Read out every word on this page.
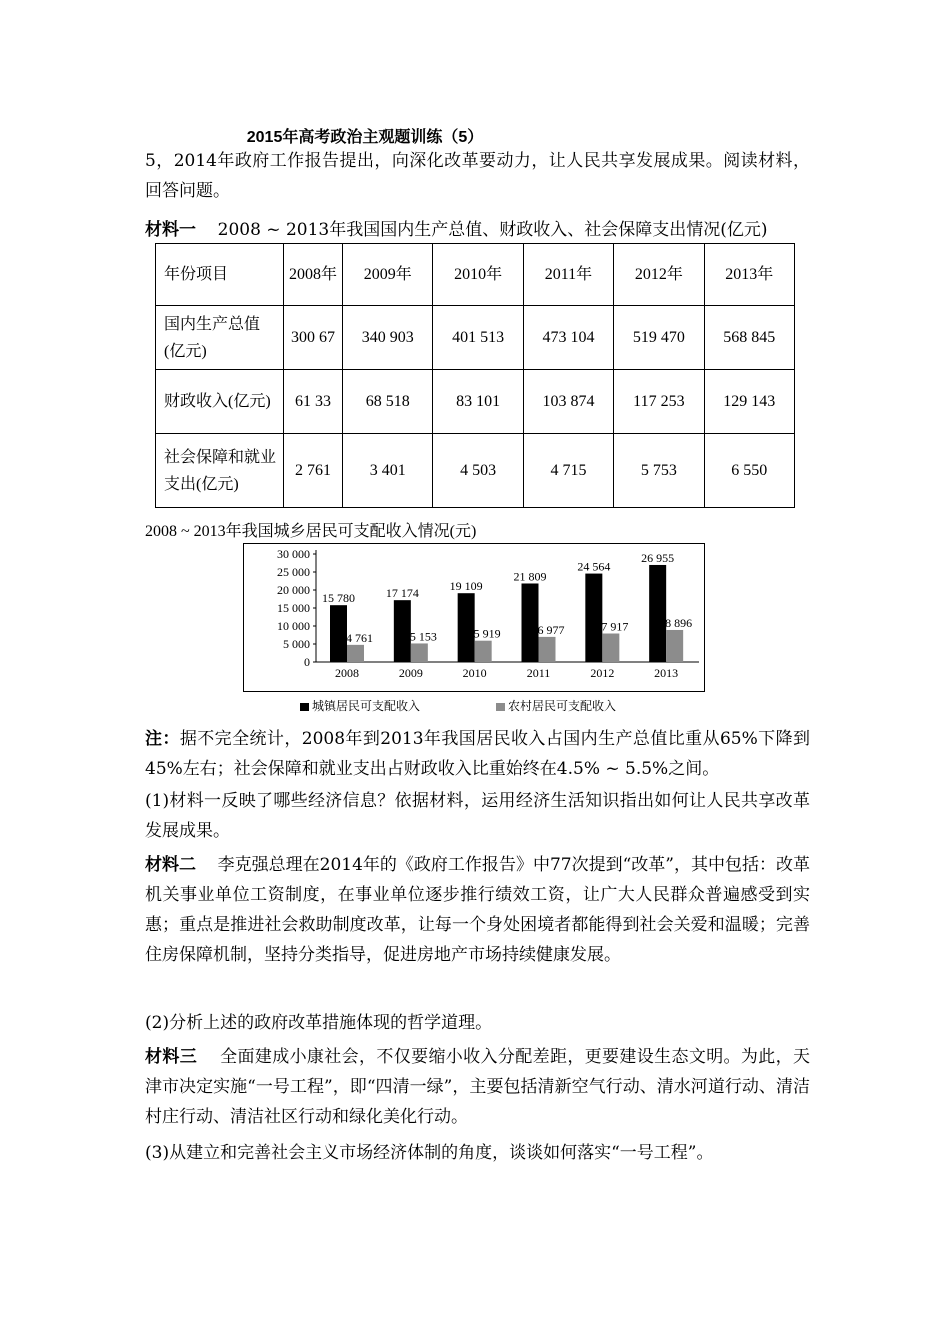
2015年高考政治主观题训练（5）
5，2014年政府工作报告提出，向深化改革要动力，让人民共享发展成果。阅读材料，回答问题。
材料一 2008 ~ 2013年我国国内生产总值、财政收入、社会保障支出情况(亿元)
年份项目	2008年	2009年	2010年	2011年	2012年	2013年
国内生产总值(亿元)	300 67	340 903	401 513	473 104	519 470	568 845
财政收入(亿元)	61 33	68 518	83 101	103 874	117 253	129 143
社会保障和就业支出(亿元)	2 761	3 401	4 503	4 715	5 753	6 550
2008 ~ 2013年我国城乡居民可支配收入情况(元)
0
5 000
10 000
15 000
20 000
25 000
30 000
15 780
4 761
2008
17 174
5 153
2009
19 109
5 919
2010
21 809
6 977
2011
24 564
7 917
2012
26 955
8 896
2013
城镇居民可支配收入	农村居民可支配收入
注：据不完全统计，2008年到2013年我国居民收入占国内生产总值比重从65%下降到45%左右；社会保障和就业支出占财政收入比重始终在4.5% ~ 5.5%之间。
(1)材料一反映了哪些经济信息？依据材料，运用经济生活知识指出如何让人民共享改革发展成果。
材料二 李克强总理在2014年的《政府工作报告》中77次提到“改革”，其中包括：改革机关事业单位工资制度，在事业单位逐步推行绩效工资，让广大人民群众普遍感受到实惠；重点是推进社会救助制度改革，让每一个身处困境者都能得到社会关爱和温暖；完善住房保障机制，坚持分类指导，促进房地产市场持续健康发展。
(2)分析上述的政府改革措施体现的哲学道理。
材料三 全面建成小康社会，不仅要缩小收入分配差距，更要建设生态文明。为此，天津市决定实施“一号工程”，即“四清一绿”，主要包括清新空气行动、清水河道行动、清洁村庄行动、清洁社区行动和绿化美化行动。
(3)从建立和完善社会主义市场经济体制的角度，谈谈如何落实“一号工程”。
